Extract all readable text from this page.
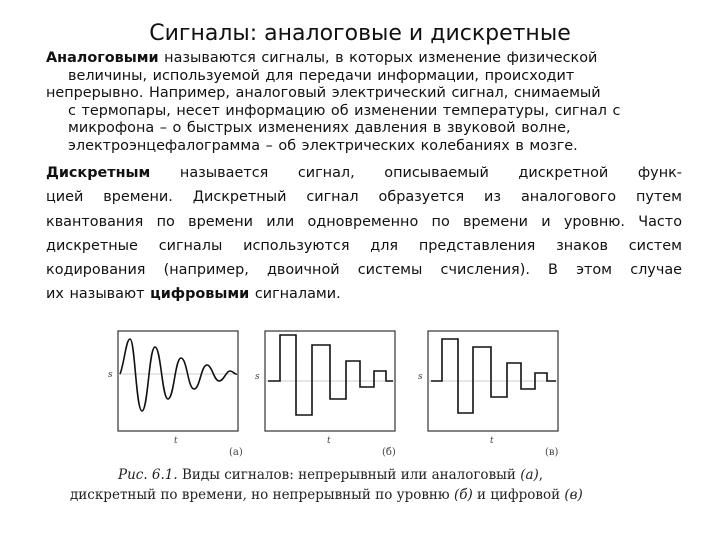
Сигналы: аналоговые и дискретные
Аналоговыми называются сигналы, в которых изменение физической
величины, используемой для передачи информации, происходит
непрерывно. Например, аналоговый электрический сигнал, снимаемый
с термопары, несет информацию об изменении температуры, сигнал с
микрофона – о быстрых изменениях давления в звуковой волне,
электроэнцефалограмма – об электрических колебаниях в мозге.
Дискретным называется сигнал, описываемый дискретной функ-
цией времени. Дискретный сигнал образуется из аналогового путем
квантования по времени или одновременно по времени и уровню. Часто
дискретные сигналы используются для представления знаков систем
кодирования (например, двоичной системы счисления). В этом случае
их называют цифровыми сигналами.
s
t
(а)
s
t
(б)
s
t
(в)
Рис. 6.1. Виды сигналов: непрерывный или аналоговый (а),
дискретный по времени, но непрерывный по уровню (б) и цифровой (в)
